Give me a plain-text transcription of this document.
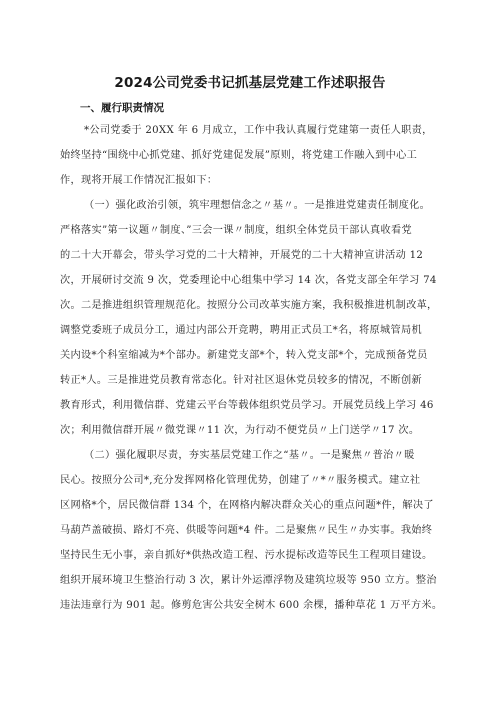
2024公司党委书记抓基层党建工作述职报告
一、履行职责情况
*公司党委于 20XX 年 6 月成立，工作中我认真履行党建第一责任人职责，
始终坚持“围绕中心抓党建、抓好党建促发展”原则，将党建工作融入到中心工
作，现将开展工作情况汇报如下：
（一）强化政治引领，筑牢理想信念之〃基〃。一是推进党建责任制度化。
严格落实”第一议题〃制度、”三会一课〃制度，组织全体党员干部认真收看党
的二十大开幕会，带头学习党的二十大精神，开展党的二十大精神宣讲活动 12
次，开展研讨交流 9 次，党委理论中心组集中学习 14 次，各党支部全年学习 74
次。二是推进组织管理规范化。按照分公司改革实施方案，我积极推进机制改革，
调整党委班子成员分工，通过内部公开竞聘，聘用正式员工*名，将原城管局机
关内设*个科室缩减为*个部办。新建党支部*个，转入党支部*个，完成预备党员
转正*人。三是推进党员教育常态化。针对社区退休党员较多的情况，不断创新
教育形式，利用微信群、党建云平台等载体组织党员学习。开展党员线上学习 46
次；利用微信群开展〃微党课〃11 次，为行动不便党员〃上门送学〃17 次。
（二）强化履职尽责，夯实基层党建工作之“基〃。一是聚焦〃普治〃暖
民心。按照分公司*,充分发挥网格化管理优势，创建了〃*〃服务模式。建立社
区网格*个，居民微信群 134 个，在网格内解决群众关心的重点问题*件，解决了
马葫芦盖破损、路灯不亮、供暖等问题*4 件。二是聚焦〃民生〃办实事。我始终
坚持民生无小事，亲自抓好*供热改造工程、污水提标改造等民生工程项目建设。
组织开展环境卫生整治行动 3 次，累计外运潭浮物及建筑垃圾等 950 立方。整治
违法违章行为 901 起。修剪危害公共安全树木 600 余棵，播种草花 1 万平方米。
